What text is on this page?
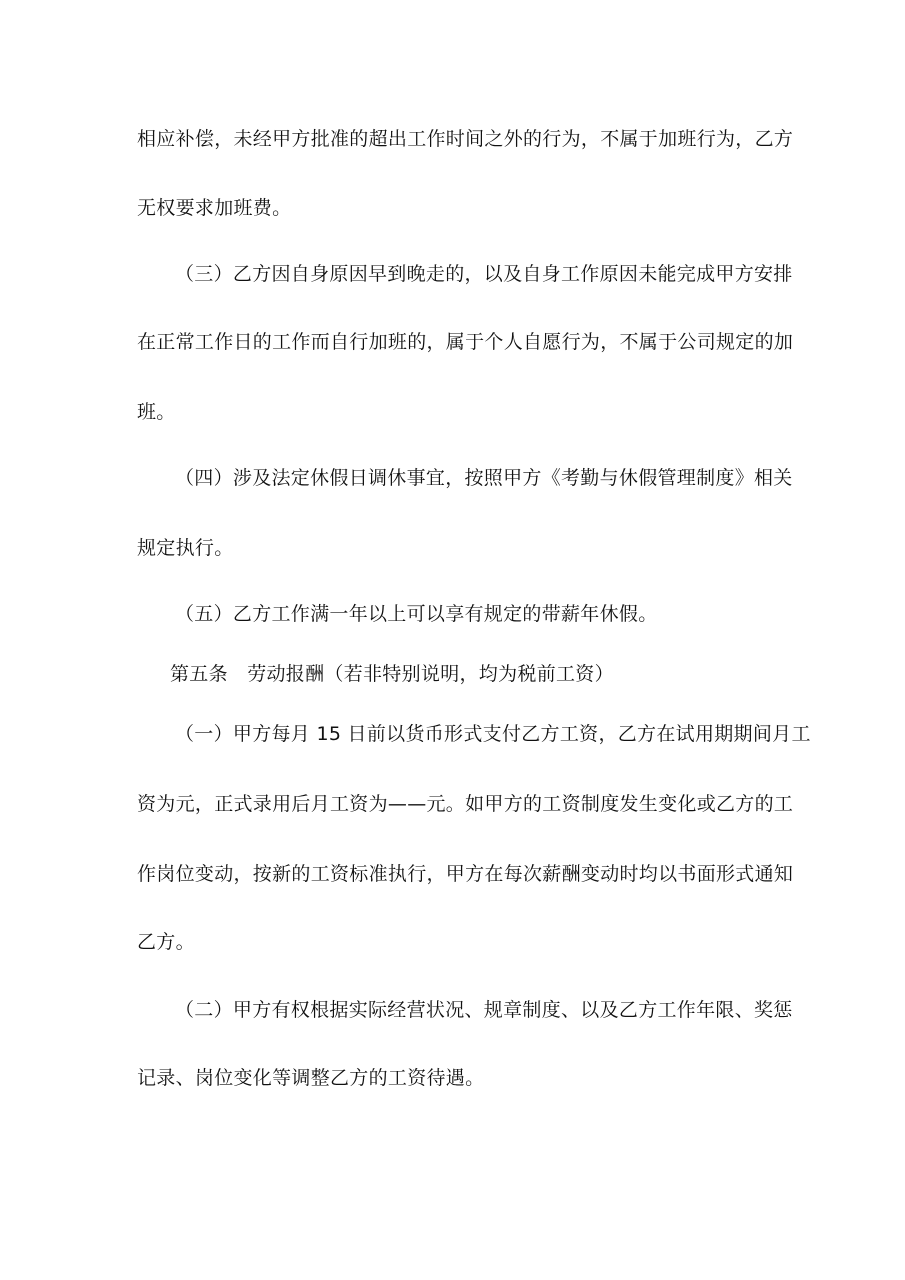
相应补偿，未经甲方批准的超出工作时间之外的行为，不属于加班行为，乙方
无权要求加班费。
（三）乙方因自身原因早到晚走的，以及自身工作原因未能完成甲方安排
在正常工作日的工作而自行加班的，属于个人自愿行为，不属于公司规定的加
班。
（四）涉及法定休假日调休事宜，按照甲方《考勤与休假管理制度》相关
规定执行。
（五）乙方工作满一年以上可以享有规定的带薪年休假。
第五条　劳动报酬（若非特别说明，均为税前工资）
（一）甲方每月 15 日前以货币形式支付乙方工资，乙方在试用期期间月工
资为元，正式录用后月工资为——元。如甲方的工资制度发生变化或乙方的工
作岗位变动，按新的工资标准执行，甲方在每次薪酬变动时均以书面形式通知
乙方。
（二）甲方有权根据实际经营状况、规章制度、以及乙方工作年限、奖惩
记录、岗位变化等调整乙方的工资待遇。
